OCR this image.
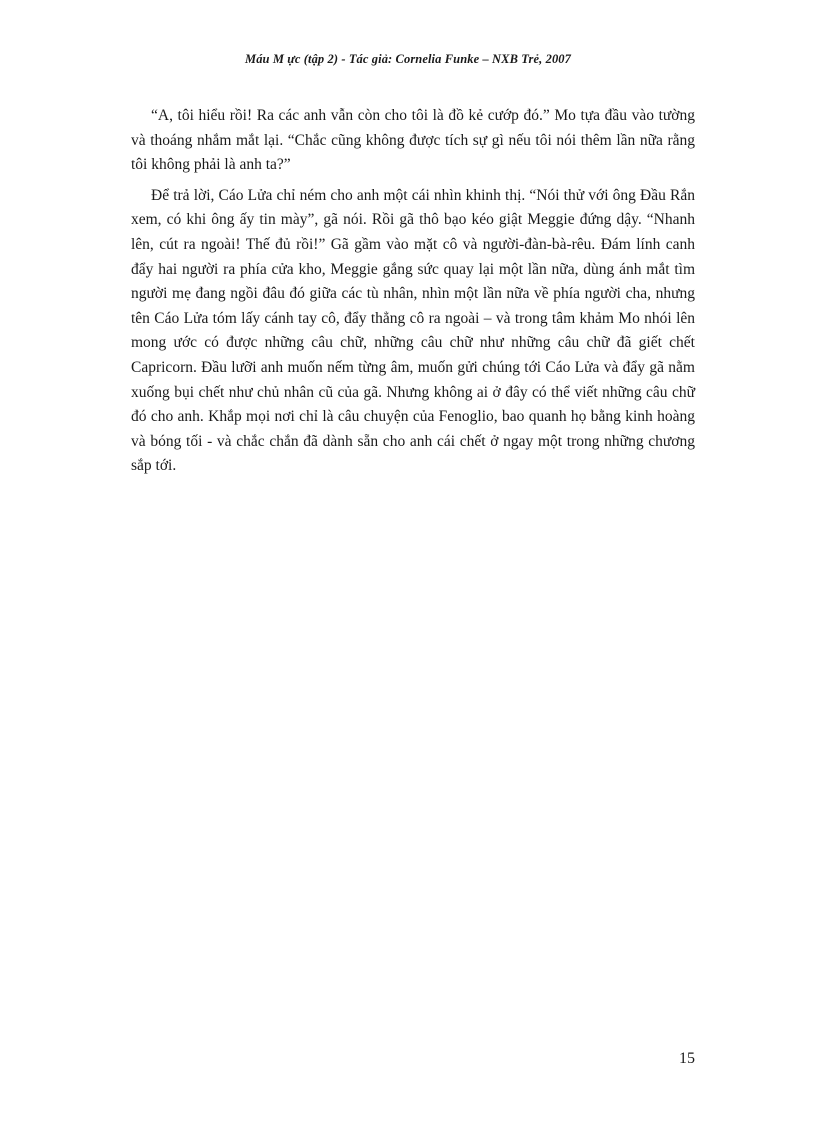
Máu M ực (tập 2) - Tác giả: Cornelia Funke – NXB Trẻ, 2007

“A, tôi hiểu rồi! Ra các anh vẫn còn cho tôi là đồ kẻ cướp đó.” Mo tựa đầu vào tường và thoáng nhắm mắt lại. “Chắc cũng không được tích sự gì nếu tôi nói thêm lần nữa rằng tôi không phải là anh ta?”

Để trả lời, Cáo Lửa chỉ ném cho anh một cái nhìn khinh thị. “Nói thử với ông Đầu Rắn xem, có khi ông ấy tin mày”, gã nói. Rồi gã thô bạo kéo giật Meggie đứng dậy. “Nhanh lên, cút ra ngoài! Thế đủ rồi!” Gã gầm vào mặt cô và người-đàn-bà-rêu. Đám lính canh đẩy hai người ra phía cửa kho, Meggie gắng sức quay lại một lần nữa, dùng ánh mắt tìm người mẹ đang ngồi đâu đó giữa các tù nhân, nhìn một lần nữa về phía người cha, nhưng tên Cáo Lửa tóm lấy cánh tay cô, đẩy thẳng cô ra ngoài – và trong tâm khảm Mo nhói lên mong ước có được những câu chữ, những câu chữ như những câu chữ đã giết chết Capricorn. Đầu lưỡi anh muốn nếm từng âm, muốn gửi chúng tới Cáo Lửa và đẩy gã nằm xuống bụi chết như chủ nhân cũ của gã. Nhưng không ai ở đây có thể viết những câu chữ đó cho anh. Khắp mọi nơi chỉ là câu chuyện của Fenoglio, bao quanh họ bằng kinh hoàng và bóng tối - và chắc chắn đã dành sẵn cho anh cái chết ở ngay một trong những chương sắp tới.

15
